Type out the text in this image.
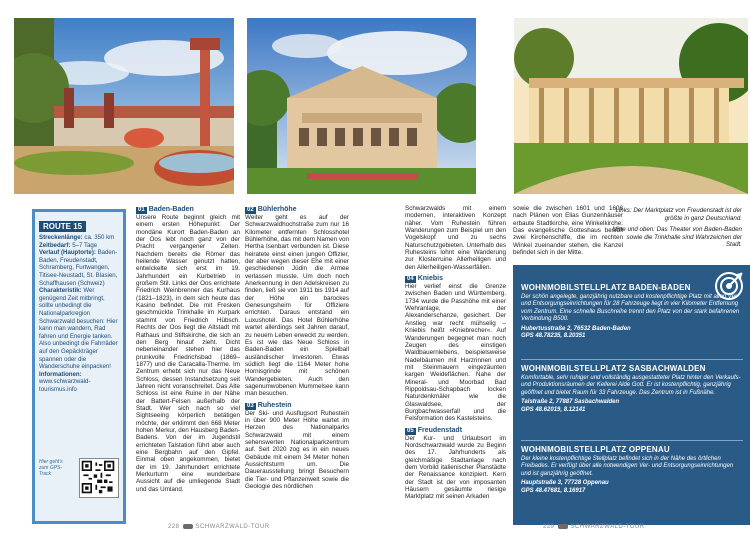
ROUTE 15
Streckenlänge: ca. 350 km
Zeitbedarf: 5–7 Tage
Verlauf (Hauptorte): Baden-Baden, Freudenstadt, Schramberg, Furtwangen, Titisee-Neustadt, St. Blasien, Schaffhausen (Schweiz)
Charakteristik: Wer genügend Zeit mitbringt, sollte unbedingt die Nationalparkregion Schwarzwald besuchen: Hier kann man wandern, Rad fahren und Energie tanken. Also unbedingt die Fahrräder auf den Gepäckträger spannen oder die Wanderschuhe einpacken!
Informationen: www.schwarzwald-tourismus.info
Hier geht's zum GPS-Track
01 Baden-Baden

Unsere Route beginnt gleich mit einem ersten Höhepunkt: Der mondäne Kurort Baden-Baden an der Oos lebt noch ganz von der Pracht vergangener Zeiten. Nachdem bereits die Römer das heilende Wasser genutzt hatten, entwickelte sich erst im 19. Jahrhundert ein Kurbetrieb in großem Stil. Links der Oos errichtete Friedrich Weinbrenner das Kurhaus (1821–1823), in dem sich heute das Kasino befindet. Die mit Fresken geschmückte Trinkhalle im Kurpark stammt von Friedrich Hübsch. Rechts der Oos liegt die Altstadt mit Rathaus und Stiftskirche, die sich an den Berg hinauf zieht. Dicht nebeneinander stehen hier das prunkvolle Friedrichsbad (1869–1877) und die Caracalla-Therme. Im Zentrum erhebt sich nur das Neue Schloss, dessen Instandsetzung seit Jahren nicht voranschreitet. Das Alte Schloss ist eine Ruine in der Nähe der Battert-Felsen außerhalb der Stadt. Wer sich nach so viel Sightseeing körperlich betätigen möchte, der erklimmt den 668 Meter hohen Merkur, den Hausberg Baden-Badens. Von der im Jugendstil errichteten Talstation führt aber auch eine Bergbahn auf den Gipfel. Einmal oben angekommen, bietet der im 19. Jahrhundert errichtete Merkurturm eine wunderbare Aussicht auf die umliegende Stadt und das Umland.

02 Bühlerhöhe

Weiter geht es auf der Schwarzwaldhochstraße zum nur 16 Kilometer entfernten Schlosshotel Bühlerhöhe, das mit dem Namen von Hertha Isenbart verbunden ist. Diese heiratete einst einen jungen Offizier, der aber wegen dieser Ehe mit einer geschiedenen Jüdin die Armee verlassen musste. Um doch noch Anerkennung in den Adelskreisen zu finden, ließ sie von 1911 bis 1914 auf der Höhe ein barockes Genesungsheim für Offiziere errichten. Daraus entstand ein Luxushotel. Das Hotel Bühlerhöhe wartet allerdings seit Jahren darauf, zu neuem Leben erweckt zu werden. Es ist wie das Neue Schloss in Baden-Baden ein Spielball ausländischer Investoren. Etwas südlich liegt die 1164 Meter hohe Hornisgrinde mit schönen Wandergebieten. Auch den sagenumwobenen Mummelsee kann man besuchen.

03 Ruhestein

Der Ski- und Ausflugsort Ruhestein in über 900 Meter Höhe wartet im Herzen des Nationalparks Schwarzwald mit einem sehenswerten Nationalparkzentrum auf. Seit 2020 zog es in ein neues Gebäude mit einem 34 Meter hohen Aussichtsturm um. Die Dauerausstellung bringt Besuchern die Tier- und Pflanzenwelt sowie die Geologie des nördlichen

Schwarzwalds mit einem modernen, interaktiven Konzept näher. Vom Ruhestein führen Wanderungen zum Beispiel um den Vogelskopf und zu sechs Naturschutzgebieten. Unterhalb des Ruhesteins lohnt eine Wanderung zur Klosterruine Allerheiligen und den Allerheiligen-Wasserfällen.

04 Kniebis

Hier verlief einst die Grenze zwischen Baden und Württemberg. 1734 wurde die Passhöhe mit einer Wehranlage, der Alexanderschanze, gesichert. Der Anstieg war recht mühselig – Kniebis heißt »Kniebrecher«. Auf Wanderungen begegnet man noch Zeugen des einstigen Waldbauernlebens, beispielsweise Nadelbäumen mit Harzrinnen und mit Steinmauern eingezäunten kargen Weideflächen. Nahe der Mineral- und Moorbad Bad Rippoldsau-Schapbach locken Naturdenkmäler wie die Glaswaldsee, der Burgbachwasserfall und die Felsformation des Kastelsteins.

05 Freudenstadt

Der Kur- und Urlaubsort im Nordschwarzwald wurde zu Beginn des 17. Jahrhunderts als gleichmäßige Stadtanlage nach dem Vorbild italienischer Planstädte der Renaissance konzipiert. Kern der Stadt ist der von imposanten Häusern gesäumte riesige Marktplatz mit seinen Arkaden

sowie die zwischen 1601 und 1608 nach Plänen von Elias Gunzenhäuser erbaute Stadtkirche, eine Winkelkirche: Das evangelische Gotteshaus besitzt zwei Kirchenschiffe, die im rechten Winkel zueinander stehen, die Kanzel befindet sich in der Mitte.

Links: Der Marktplatz von Freudenstadt ist der größte in ganz Deutschland.
Mitte und oben: Das Theater von Baden-Baden sowie die Trinkhalle sind Wahrzeichen der Stadt.
WOHNMOBILSTELLPLATZ BADEN-BADEN
Der schön angelegte, ganzjährig nutzbare und kostenpflichtige Platz mit allen Ver- und Entsorgungseinrichtungen für 28 Fahrzeuge liegt in vier Kilometer Entfernung vom Zentrum. Eine schnelle Buschreihe trennt den Platz von der stark befahrenen Verbindung B500.
Hubertusstraße 2, 76532 Baden-Baden
GPS 48.78235, 8.20351
WOHNMOBILSTELLPLATZ SASBACHWALDEN
Komfortable, sehr ruhiger und vollständig ausgestatteter Platz hinter den Verkaufs- und Produktionsräumen der Kellerei Alde Gott. Er ist kostenpflichtig, ganzjährig geöffnet und bietet Raum für 33 Fahrzeuge. Das Zentrum ist in Fußnähe.
Talstraße 2, 77887 Sasbachwalden
GPS 48.62019, 8.12141
WOHNMOBILSTELLPLATZ OPPENAU
Der kleine kostenpflichtige Stellplatz befindet sich in der Nähe des örtlichen Freibades. Er verfügt über alle notwendigen Ver- und Entsorgungseinrichtungen und ist ganzjährig geöffnet.
Hauptstraße 3, 77728 Oppenau
GPS 48.47681, 8.16917
228	SCHWARZWALD-TOUR	229	SCHWARZWALD-TOUR
